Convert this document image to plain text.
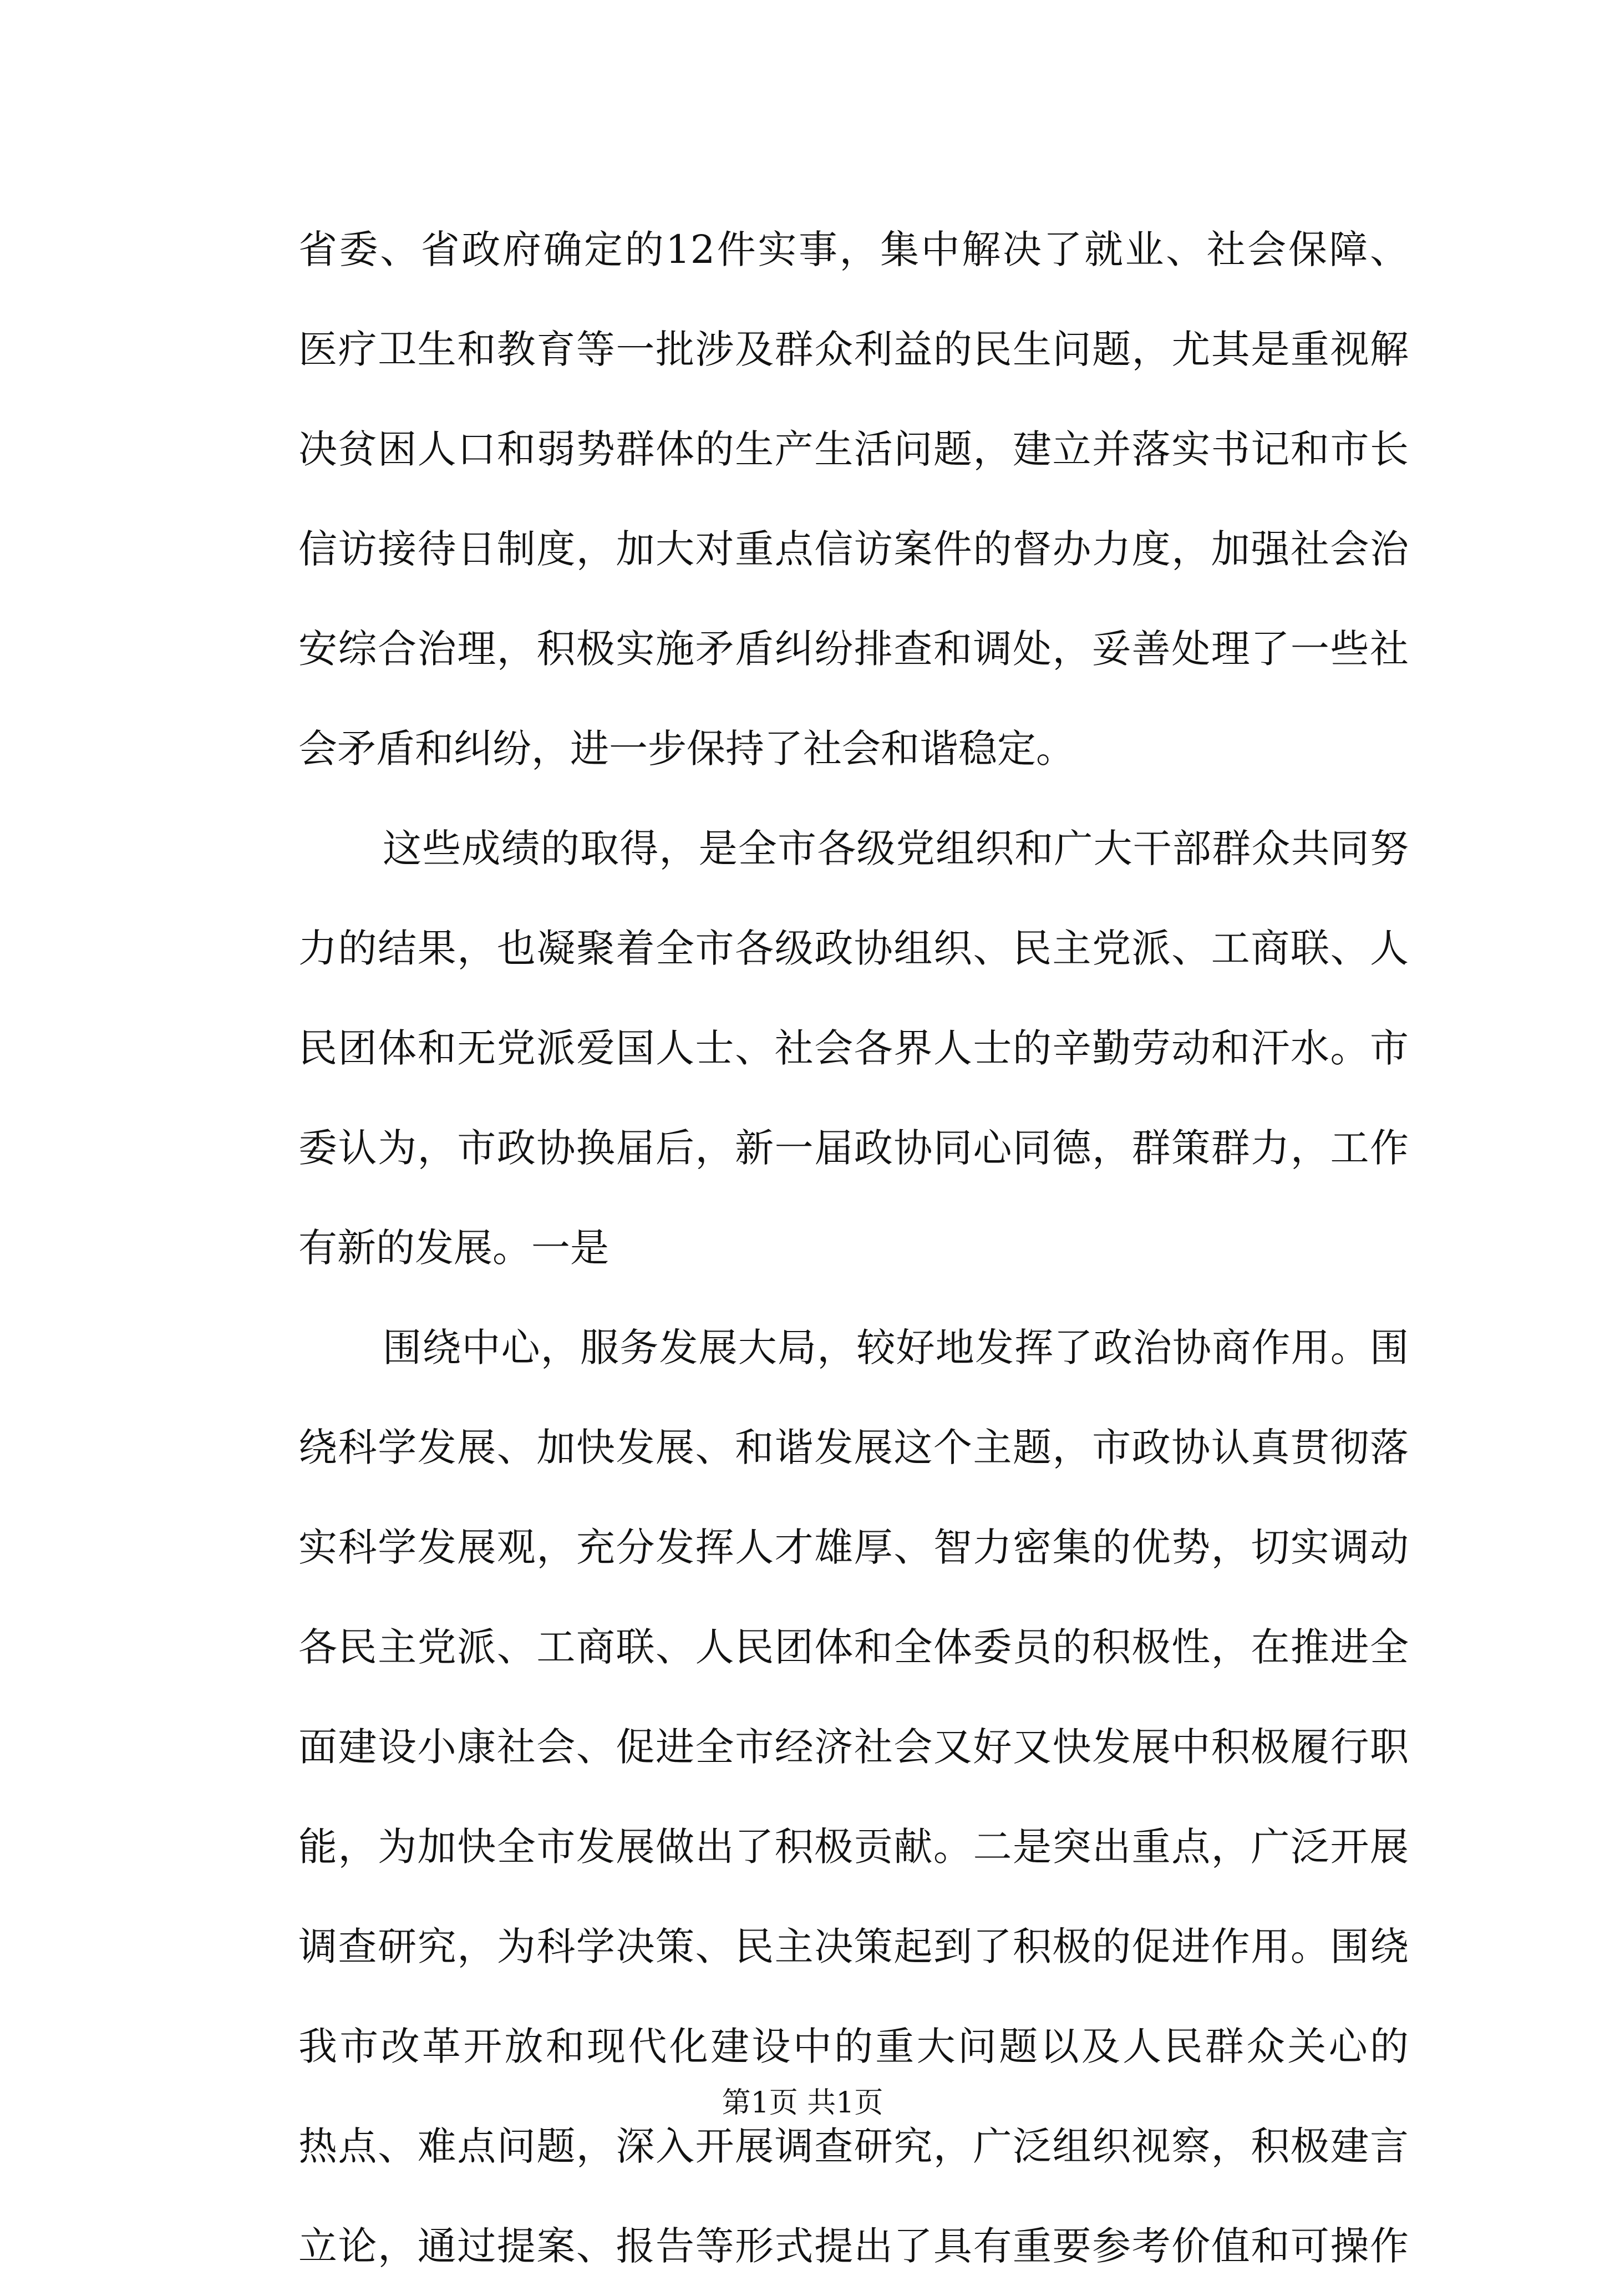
省委、省政府确定的12件实事，集中解决了就业、社会保障、
医疗卫生和教育等一批涉及群众利益的民生问题，尤其是重视解
决贫困人口和弱势群体的生产生活问题，建立并落实书记和市长
信访接待日制度，加大对重点信访案件的督办力度，加强社会治
安综合治理，积极实施矛盾纠纷排查和调处，妥善处理了一些社
会矛盾和纠纷，进一步保持了社会和谐稳定。
这些成绩的取得，是全市各级党组织和广大干部群众共同努
力的结果，也凝聚着全市各级政协组织、民主党派、工商联、人
民团体和无党派爱国人士、社会各界人士的辛勤劳动和汗水。市
委认为，市政协换届后，新一届政协同心同德，群策群力，工作
有新的发展。一是
围绕中心，服务发展大局，较好地发挥了政治协商作用。围
绕科学发展、加快发展、和谐发展这个主题，市政协认真贯彻落
实科学发展观，充分发挥人才雄厚、智力密集的优势，切实调动
各民主党派、工商联、人民团体和全体委员的积极性，在推进全
面建设小康社会、促进全市经济社会又好又快发展中积极履行职
能，为加快全市发展做出了积极贡献。二是突出重点，广泛开展
调查研究，为科学决策、民主决策起到了积极的促进作用。围绕
我市改革开放和现代化建设中的重大问题以及人民群众关心的
热点、难点问题，深入开展调查研究，广泛组织视察，积极建言
立论，通过提案、报告等形式提出了具有重要参考价值和可操作
第1页 共1页
